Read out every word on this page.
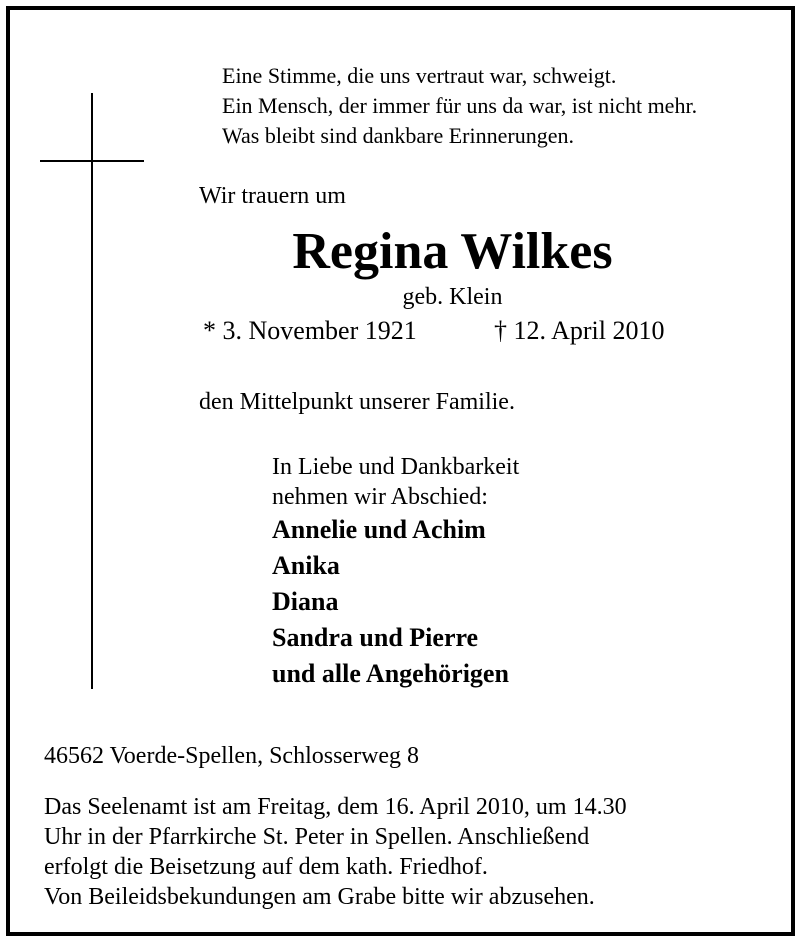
Eine Stimme, die uns vertraut war, schweigt.
Ein Mensch, der immer für uns da war, ist nicht mehr.
Was bleibt sind dankbare Erinnerungen.
Wir trauern um
Regina Wilkes
geb. Klein
* 3. November 1921	† 12. April 2010
den Mittelpunkt unserer Familie.
In Liebe und Dankbarkeit
nehmen wir Abschied:
Annelie und Achim
Anika
Diana
Sandra und Pierre
und alle Angehörigen
46562 Voerde-Spellen, Schlosserweg 8
Das Seelenamt ist am Freitag, dem 16. April 2010, um 14.30
Uhr in der Pfarrkirche St. Peter in Spellen. Anschließend
erfolgt die Beisetzung auf dem kath. Friedhof.
Von Beileidsbekundungen am Grabe bitte wir abzusehen.
